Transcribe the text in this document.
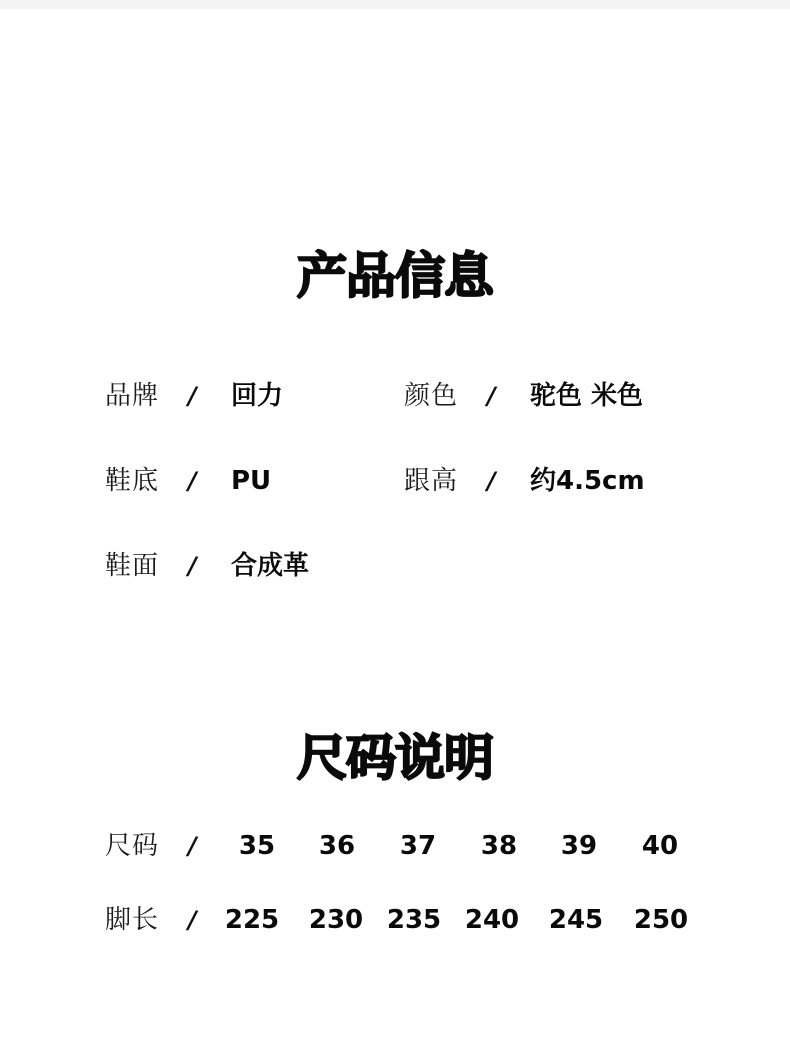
产品信息
品牌 / 回力	颜色 / 驼色 米色
鞋底 / PU	跟高 / 约4.5cm
鞋面 / 合成革
尺码说明
尺码 /	35	36	37	38	39	40
脚长 /	225	230 235 240	245	250
